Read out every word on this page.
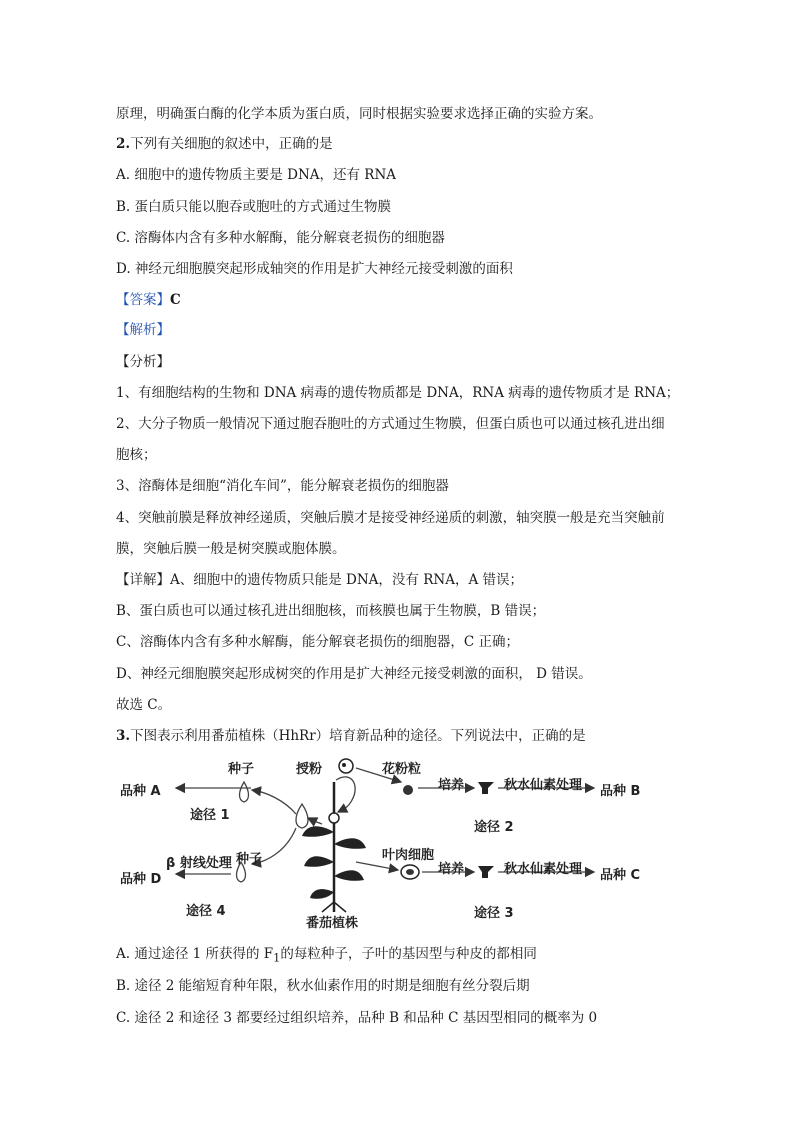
原理，明确蛋白酶的化学本质为蛋白质，同时根据实验要求选择正确的实验方案。
2.下列有关细胞的叙述中，正确的是
A. 细胞中的遗传物质主要是 DNA，还有 RNA
B. 蛋白质只能以胞吞或胞吐的方式通过生物膜
C. 溶酶体内含有多种水解酶，能分解衰老损伤的细胞器
D. 神经元细胞膜突起形成轴突的作用是扩大神经元接受刺激的面积
【答案】C
【解析】
【分析】
1、有细胞结构的生物和 DNA 病毒的遗传物质都是 DNA，RNA 病毒的遗传物质才是 RNA；
2、大分子物质一般情况下通过胞吞胞吐的方式通过生物膜，但蛋白质也可以通过核孔进出细
胞核；
3、溶酶体是细胞“消化车间”，能分解衰老损伤的细胞器
4、突触前膜是释放神经递质，突触后膜才是接受神经递质的刺激，轴突膜一般是充当突触前
膜，突触后膜一般是树突膜或胞体膜。
【详解】A、细胞中的遗传物质只能是 DNA，没有 RNA，A 错误；
B、蛋白质也可以通过核孔进出细胞核，而核膜也属于生物膜，B 错误；
C、溶酶体内含有多种水解酶，能分解衰老损伤的细胞器，C 正确；
D、神经元细胞膜突起形成树突的作用是扩大神经元接受刺激的面积， D 错误。
故选 C。
3.下图表示利用番茄植株（HhRr）培育新品种的途径。下列说法中，正确的是
品种 A
种子
途径 1
授粉	花粉粒
培养	秋水仙素处理 品种 B
途径 2
β 射线处理 种子
品种 D
途径 4
叶肉细胞
培养	秋水仙素处理 品种 C
途径 3
番茄植株
A. 通过途径 1 所获得的 $F_1$的每粒种子，子叶的基因型与种皮的都相同
B. 途径 2 能缩短育种年限，秋水仙素作用的时期是细胞有丝分裂后期
C. 途径 2 和途径 3 都要经过组织培养，品种 B 和品种 C 基因型相同的概率为 0
